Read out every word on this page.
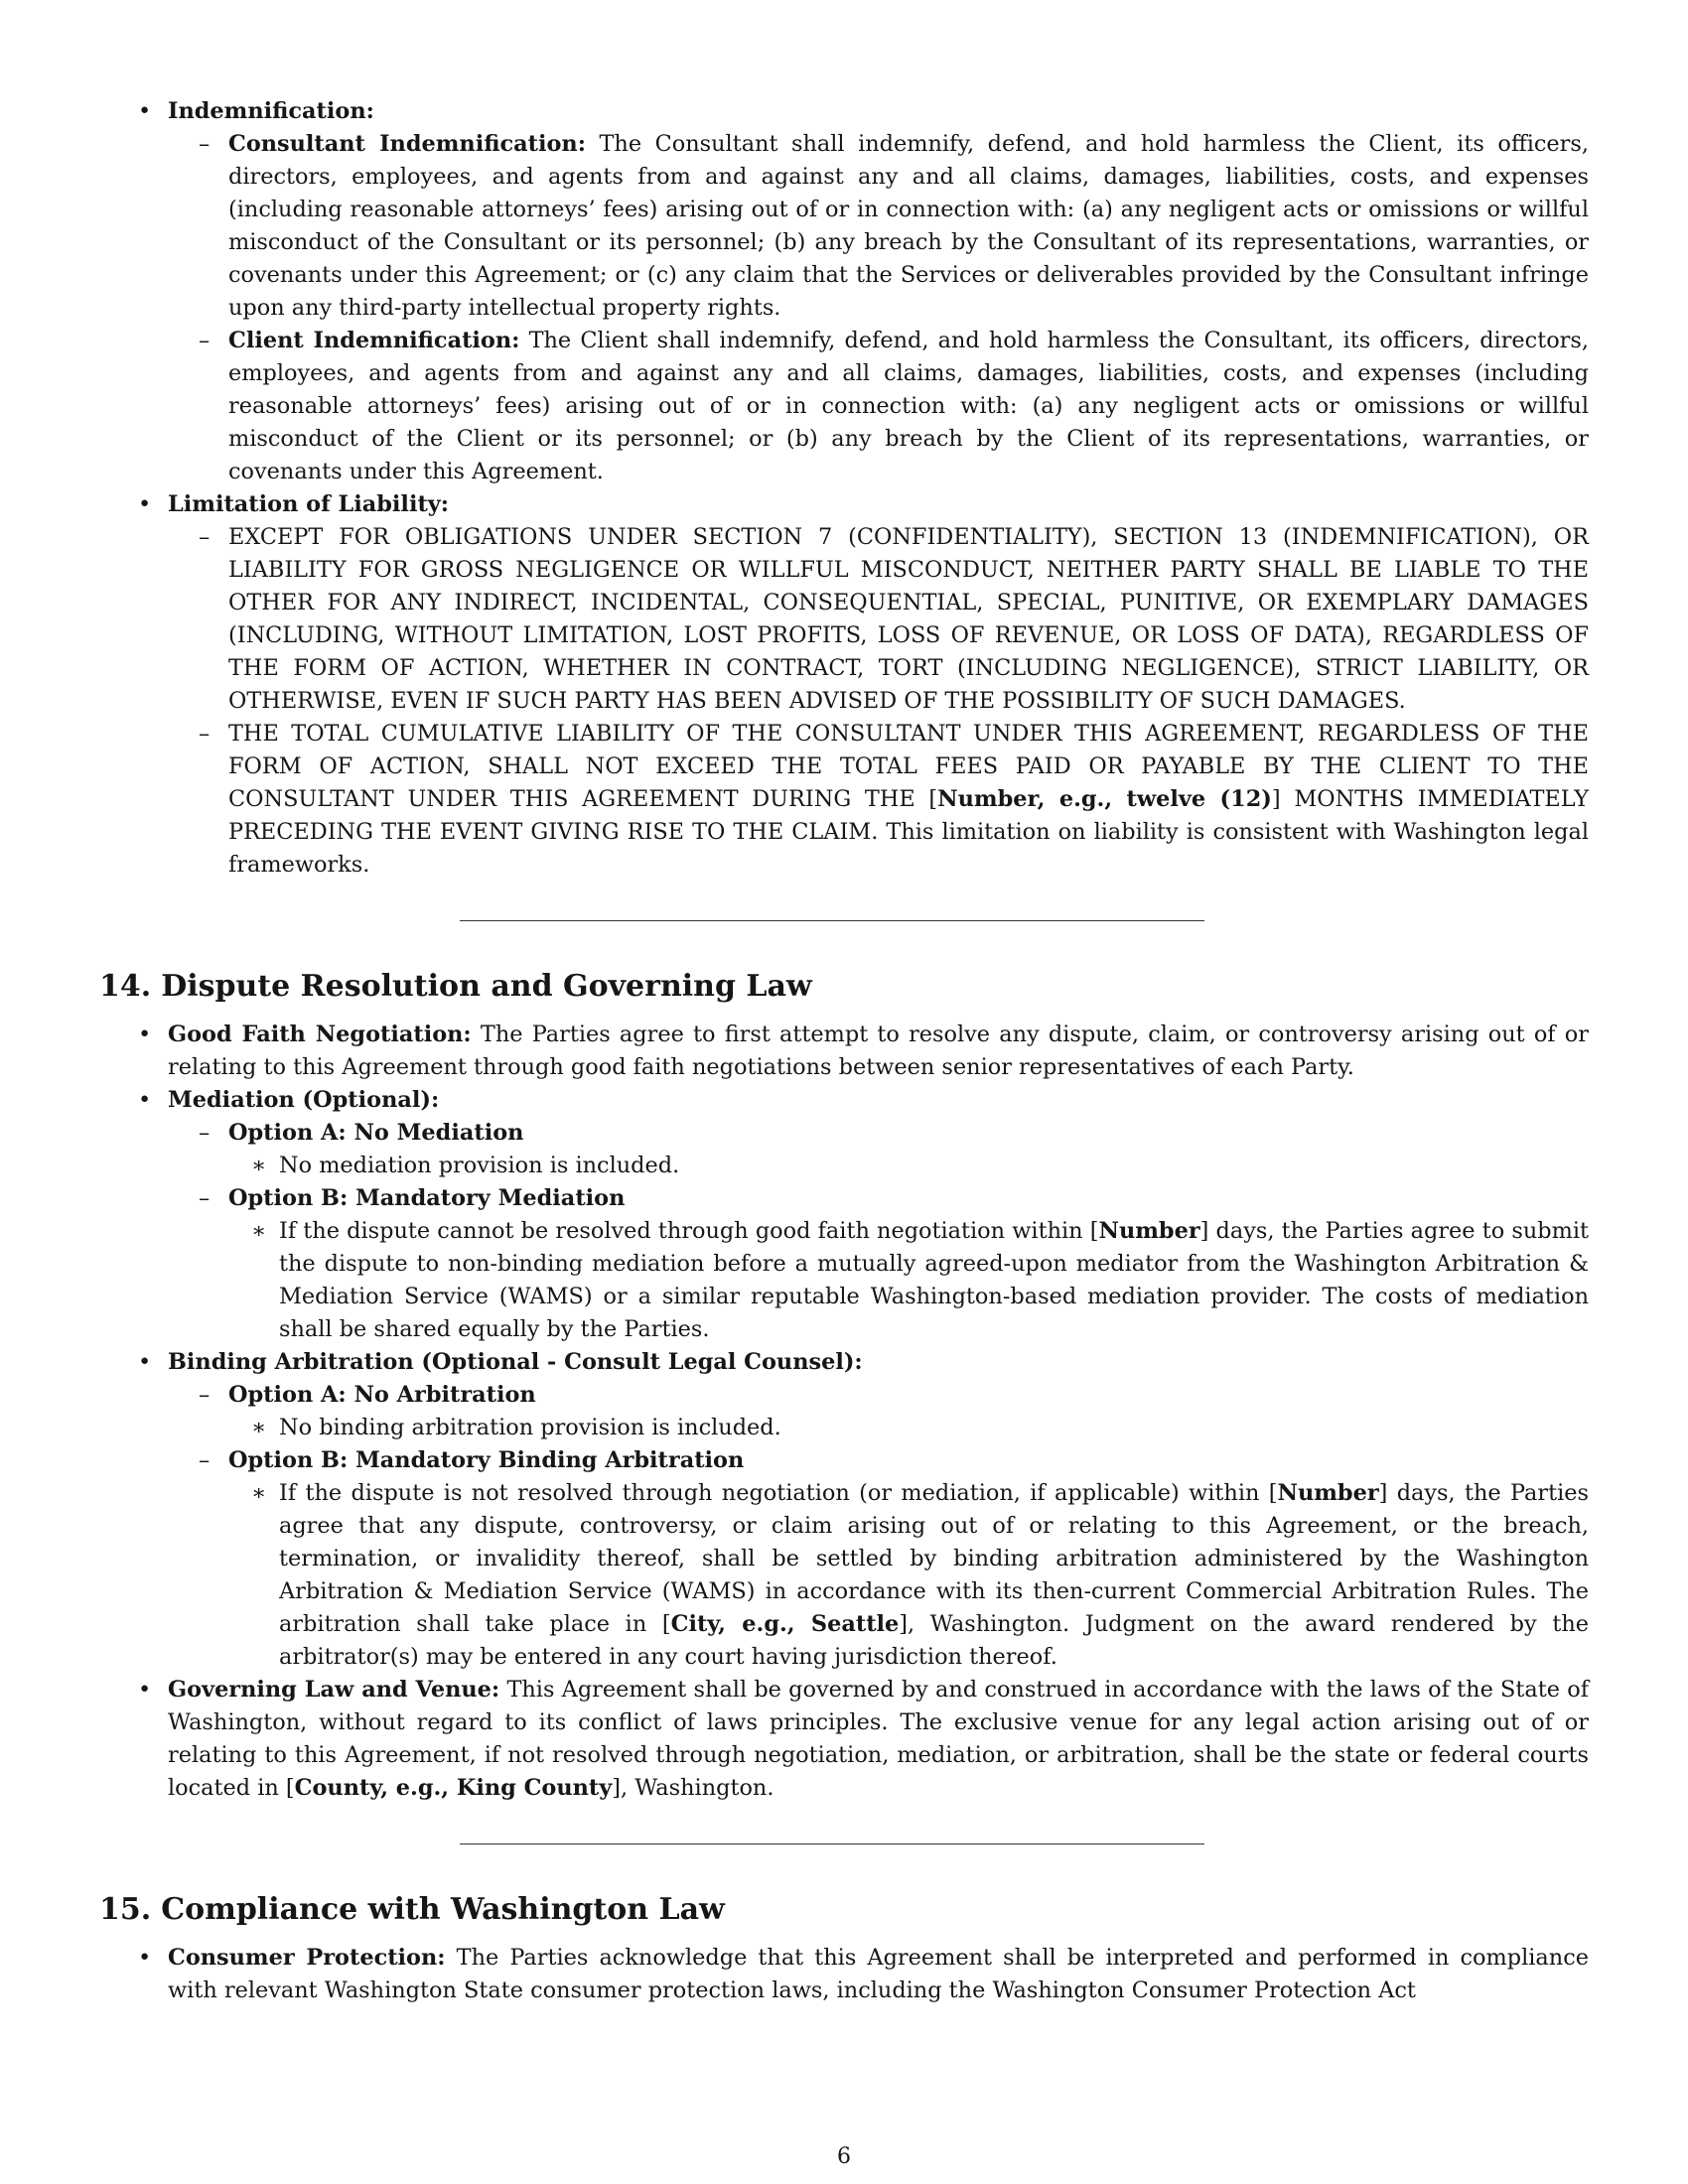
• Indemnification:
– Consultant Indemnification: The Consultant shall indemnify, defend, and hold harmless the Client, its officers, directors, employees, and agents from and against any and all claims, damages, liabilities, costs, and expenses (including reasonable attorneys’ fees) arising out of or in connection with: (a) any negligent acts or omissions or willful misconduct of the Consultant or its personnel; (b) any breach by the Consultant of its representations, warranties, or covenants under this Agreement; or (c) any claim that the Services or deliverables provided by the Consultant infringe upon any third-party intellectual property rights.
– Client Indemnification: The Client shall indemnify, defend, and hold harmless the Consultant, its officers, directors, employees, and agents from and against any and all claims, damages, liabilities, costs, and expenses (including reasonable attorneys’ fees) arising out of or in connection with: (a) any negligent acts or omissions or willful misconduct of the Client or its personnel; or (b) any breach by the Client of its representations, warranties, or covenants under this Agreement.
• Limitation of Liability:
– EXCEPT FOR OBLIGATIONS UNDER SECTION 7 (CONFIDENTIALITY), SECTION 13 (INDEMNIFICATION), OR LIABILITY FOR GROSS NEGLIGENCE OR WILLFUL MISCONDUCT, NEITHER PARTY SHALL BE LIABLE TO THE OTHER FOR ANY INDIRECT, INCIDENTAL, CONSEQUENTIAL, SPECIAL, PUNITIVE, OR EXEMPLARY DAMAGES (INCLUDING, WITHOUT LIMITATION, LOST PROFITS, LOSS OF REVENUE, OR LOSS OF DATA), REGARDLESS OF THE FORM OF ACTION, WHETHER IN CONTRACT, TORT (INCLUDING NEGLIGENCE), STRICT LIABILITY, OR OTHERWISE, EVEN IF SUCH PARTY HAS BEEN ADVISED OF THE POSSIBILITY OF SUCH DAMAGES.
– THE TOTAL CUMULATIVE LIABILITY OF THE CONSULTANT UNDER THIS AGREEMENT, REGARDLESS OF THE FORM OF ACTION, SHALL NOT EXCEED THE TOTAL FEES PAID OR PAYABLE BY THE CLIENT TO THE CONSULTANT UNDER THIS AGREEMENT DURING THE [Number, e.g., twelve (12)] MONTHS IMMEDIATELY PRECEDING THE EVENT GIVING RISE TO THE CLAIM. This limitation on liability is consistent with Washington legal frameworks.
14. Dispute Resolution and Governing Law
• Good Faith Negotiation: The Parties agree to first attempt to resolve any dispute, claim, or controversy arising out of or relating to this Agreement through good faith negotiations between senior representatives of each Party.
• Mediation (Optional):
– Option A: No Mediation
∗ No mediation provision is included.
– Option B: Mandatory Mediation
∗ If the dispute cannot be resolved through good faith negotiation within [Number] days, the Parties agree to submit the dispute to non-binding mediation before a mutually agreed-upon mediator from the Washington Arbitration & Mediation Service (WAMS) or a similar reputable Washington-based mediation provider. The costs of mediation shall be shared equally by the Parties.
• Binding Arbitration (Optional - Consult Legal Counsel):
– Option A: No Arbitration
∗ No binding arbitration provision is included.
– Option B: Mandatory Binding Arbitration
∗ If the dispute is not resolved through negotiation (or mediation, if applicable) within [Number] days, the Parties agree that any dispute, controversy, or claim arising out of or relating to this Agreement, or the breach, termination, or invalidity thereof, shall be settled by binding arbitration administered by the Washington Arbitration & Mediation Service (WAMS) in accordance with its then-current Commercial Arbitration Rules. The arbitration shall take place in [City, e.g., Seattle], Washington. Judgment on the award rendered by the arbitrator(s) may be entered in any court having jurisdiction thereof.
• Governing Law and Venue: This Agreement shall be governed by and construed in accordance with the laws of the State of Washington, without regard to its conflict of laws principles. The exclusive venue for any legal action arising out of or relating to this Agreement, if not resolved through negotiation, mediation, or arbitration, shall be the state or federal courts located in [County, e.g., King County], Washington.
15. Compliance with Washington Law
• Consumer Protection: The Parties acknowledge that this Agreement shall be interpreted and performed in compliance with relevant Washington State consumer protection laws, including the Washington Consumer Protection Act
6
